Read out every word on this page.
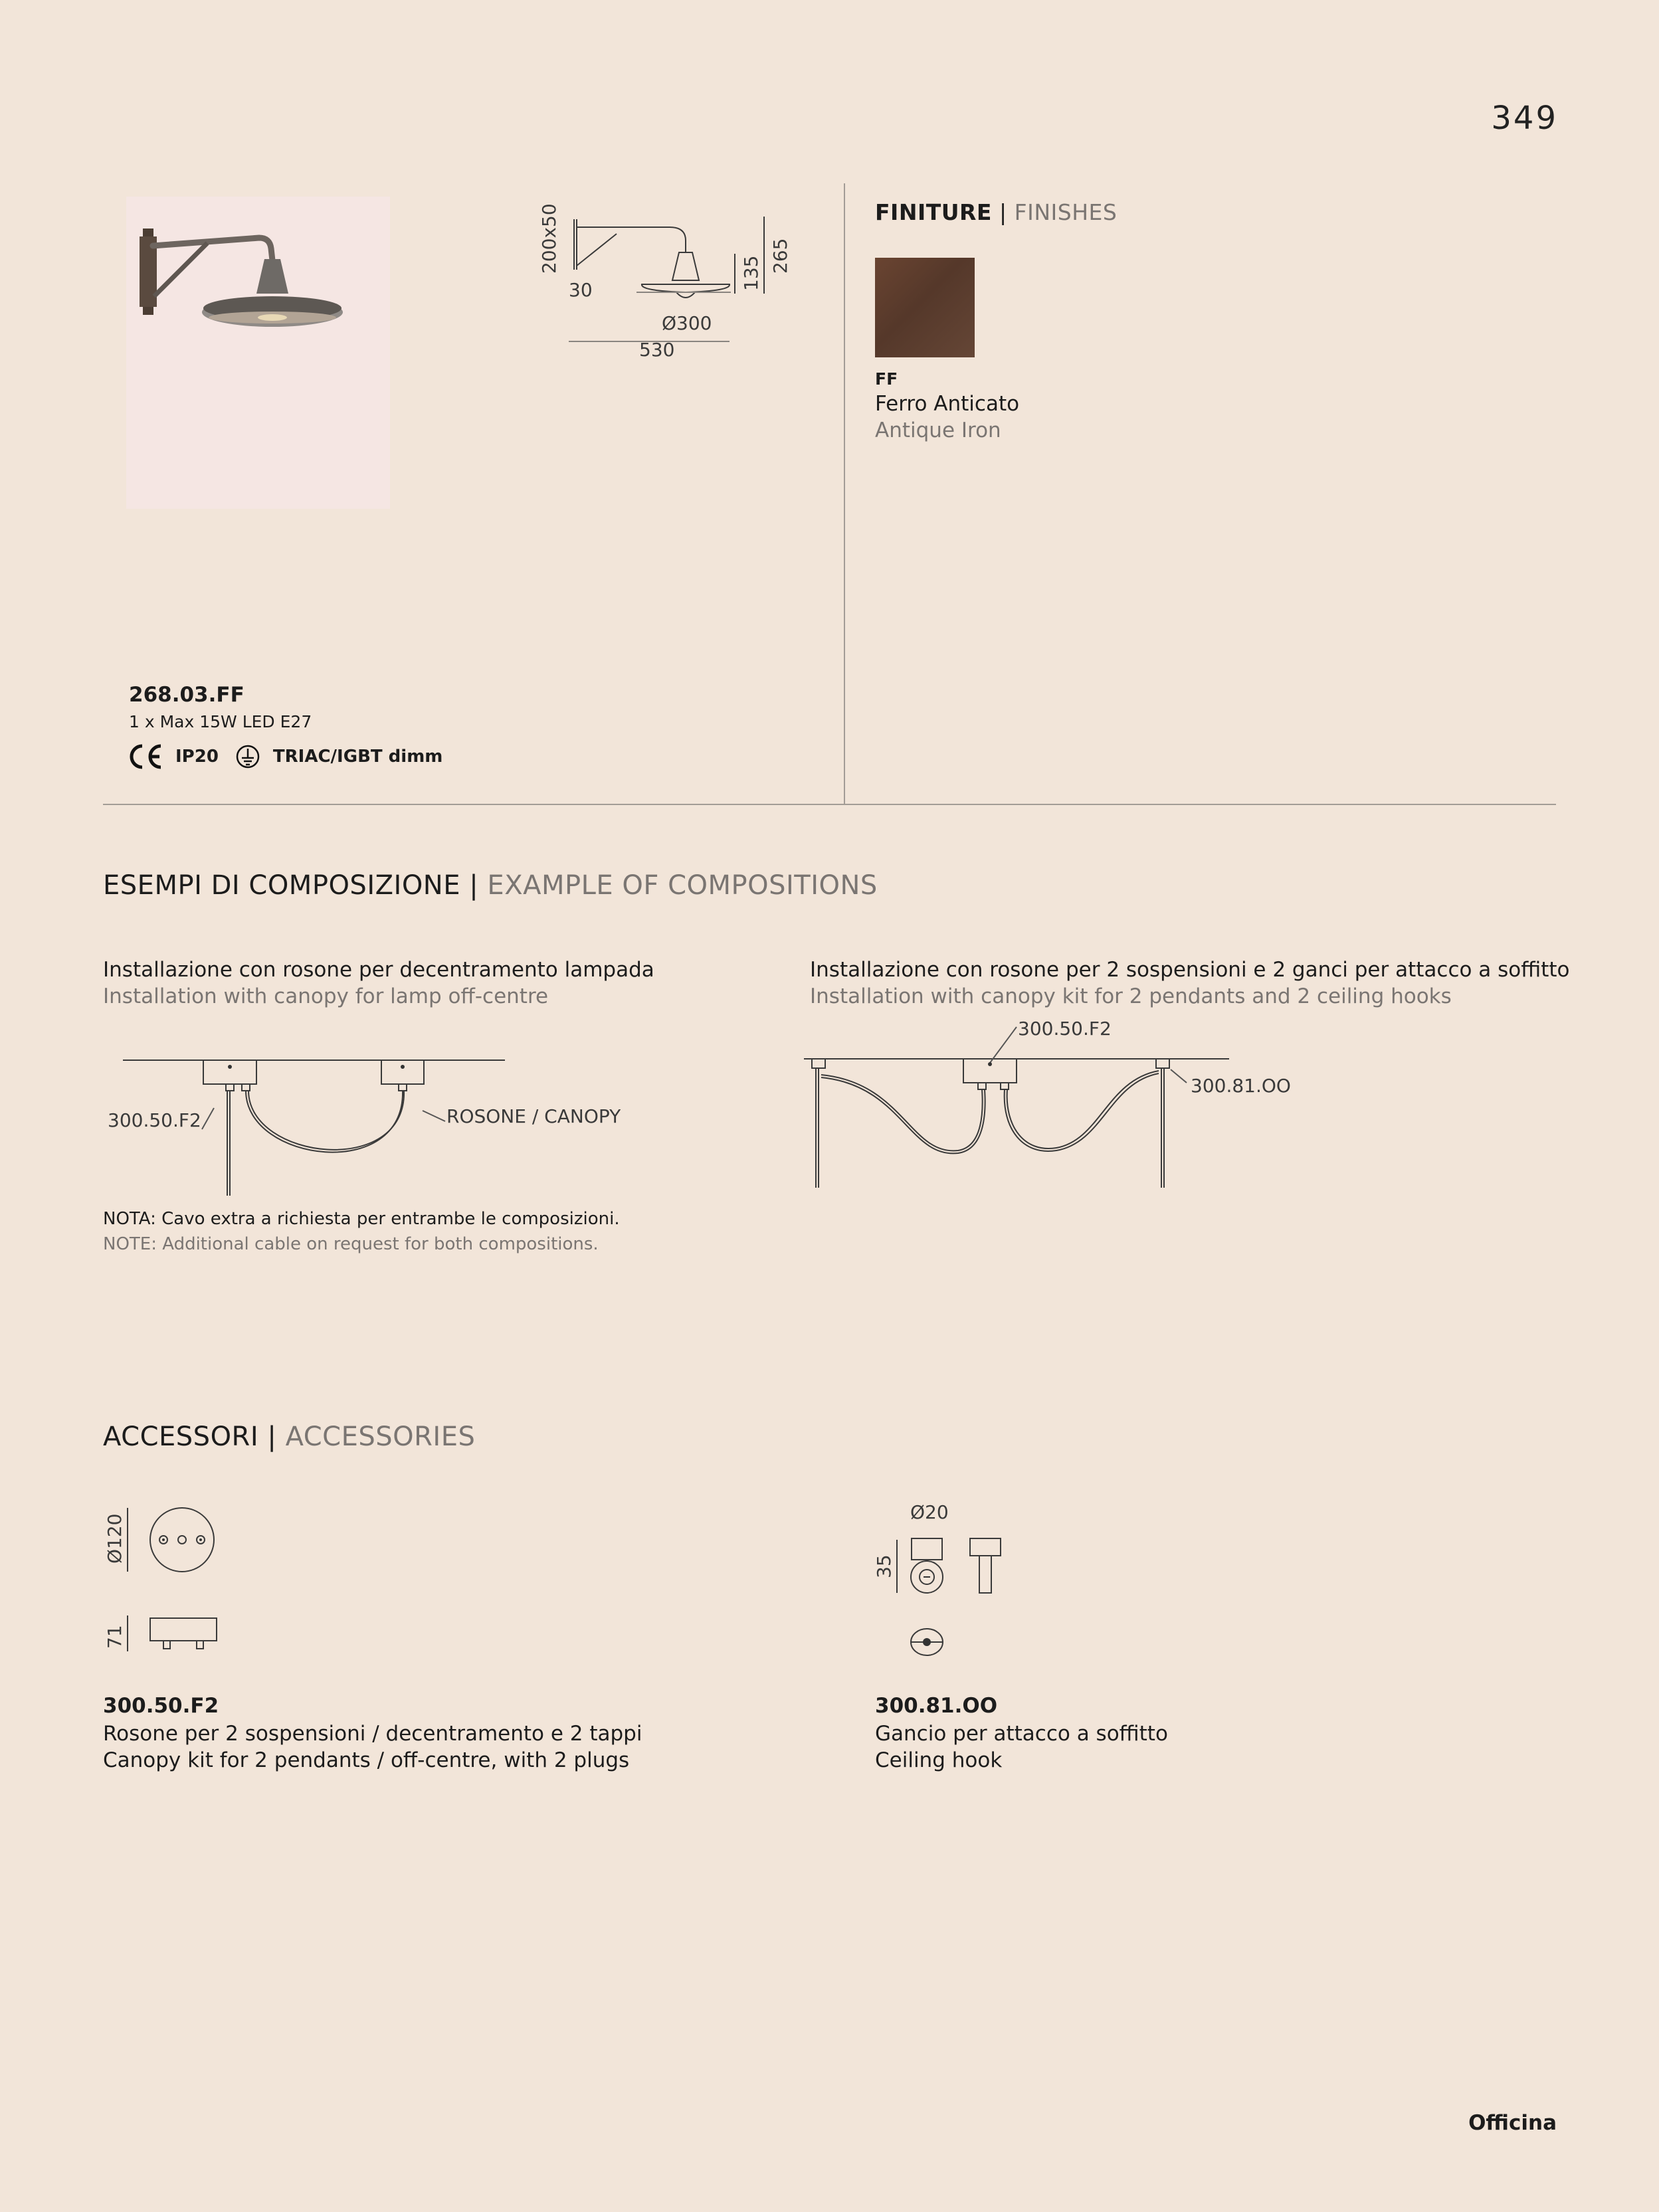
349
200x50
30
Ø300
530
135 265
268.03.FF
1 x Max 15W LED E27
IP20	TRIAC/IGBT dimm
FINITURE | FINISHES
FF
Ferro Anticato
Antique Iron
ESEMPI DI COMPOSIZIONE | EXAMPLE OF COMPOSITIONS
Installazione con rosone per decentramento lampada
Installation with canopy for lamp off-centre
Installazione con rosone per 2 sospensioni e 2 ganci per attacco a soffitto
Installation with canopy kit for 2 pendants and 2 ceiling hooks
300.50.F2	ROSONE / CANOPY
300.50.F2
300.81.OO
NOTA: Cavo extra a richiesta per entrambe le composizioni.
NOTE: Additional cable on request for both compositions.
ACCESSORI | ACCESSORIES
Ø120
71
Ø20
35
300.50.F2
Rosone per 2 sospensioni / decentramento e 2 tappi
Canopy kit for 2 pendants / off-centre, with 2 plugs
300.81.OO
Gancio per attacco a soffitto
Ceiling hook
Officina
